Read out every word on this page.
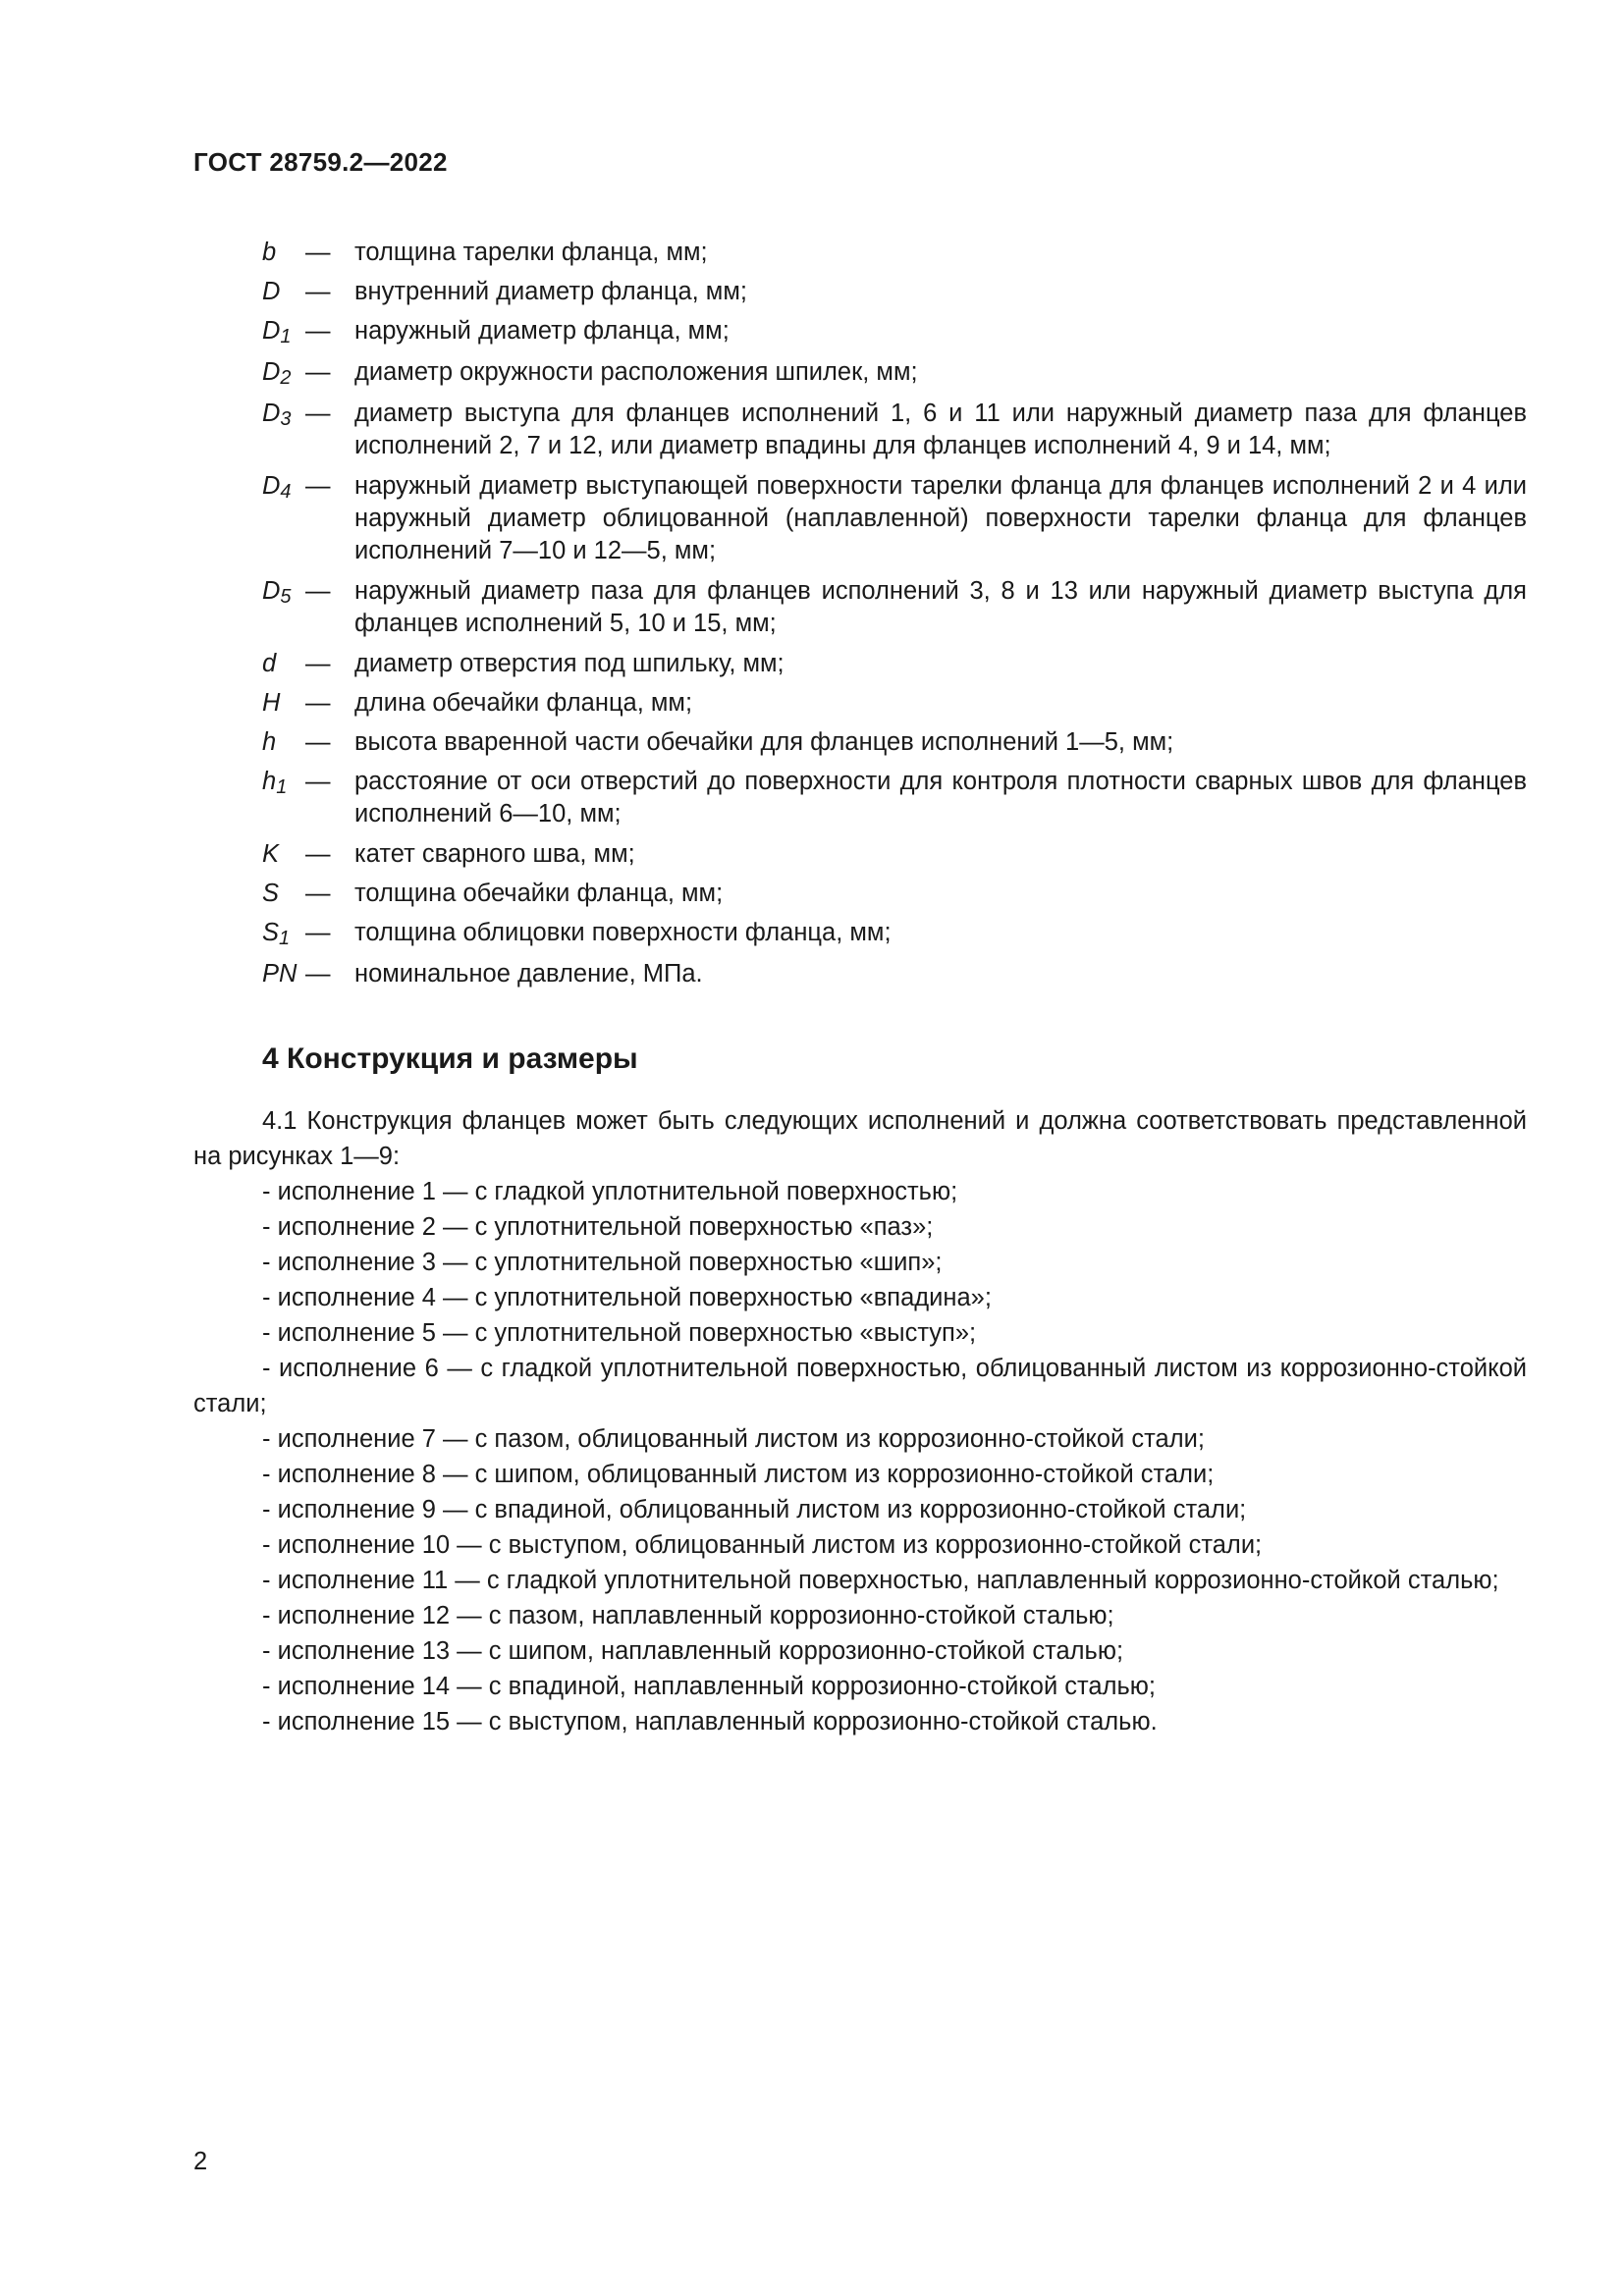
ГОСТ 28759.2—2022
b	— толщина тарелки фланца, мм;
D	— внутренний диаметр фланца, мм;
$D_1$ — наружный диаметр фланца, мм;
$D_2$ — диаметр окружности расположения шпилек, мм;
$D_3$ — диаметр выступа для фланцев исполнений 1, 6 и 11 или наружный диаметр паза для фланцев исполнений 2, 7 и 12, или диаметр впадины для фланцев исполнений 4, 9 и 14, мм;
$D_4$ — наружный диаметр выступающей поверхности тарелки фланца для фланцев исполнений 2 и 4 или наружный диаметр облицованной (наплавленной) поверхности тарелки фланца для фланцев исполнений 7—10 и 12—5, мм;
$D_5$ — наружный диаметр паза для фланцев исполнений 3, 8 и 13 или наружный диаметр выступа для фланцев исполнений 5, 10 и 15, мм;
d	— диаметр отверстия под шпильку, мм;
H	— длина обечайки фланца, мм;
h	— высота вваренной части обечайки для фланцев исполнений 1—5, мм;
$h_1$ — расстояние от оси отверстий до поверхности для контроля плотности сварных швов для фланцев исполнений 6—10, мм;
K	— катет сварного шва, мм;
S	— толщина обечайки фланца, мм;
$S_1$ — толщина облицовки поверхности фланца, мм;
PN — номинальное давление, МПа.
4 Конструкция и размеры

4.1 Конструкция фланцев может быть следующих исполнений и должна соответствовать представленной на рисунках 1—9:

- исполнение 1 — с гладкой уплотнительной поверхностью;
- исполнение 2 — с уплотнительной поверхностью «паз»;
- исполнение 3 — с уплотнительной поверхностью «шип»;
- исполнение 4 — с уплотнительной поверхностью «впадина»;
- исполнение 5 — с уплотнительной поверхностью «выступ»;
- исполнение 6 — с гладкой уплотнительной поверхностью, облицованный листом из коррозионно-стойкой стали;
- исполнение 7 — с пазом, облицованный листом из коррозионно-стойкой стали;
- исполнение 8 — с шипом, облицованный листом из коррозионно-стойкой стали;
- исполнение 9 — с впадиной, облицованный листом из коррозионно-стойкой стали;
- исполнение 10 — с выступом, облицованный листом из коррозионно-стойкой стали;
- исполнение 11 — с гладкой уплотнительной поверхностью, наплавленный коррозионно-стойкой сталью;
- исполнение 12 — с пазом, наплавленный коррозионно-стойкой сталью;
- исполнение 13 — с шипом, наплавленный коррозионно-стойкой сталью;
- исполнение 14 — с впадиной, наплавленный коррозионно-стойкой сталью;
- исполнение 15 — с выступом, наплавленный коррозионно-стойкой сталью.
2
